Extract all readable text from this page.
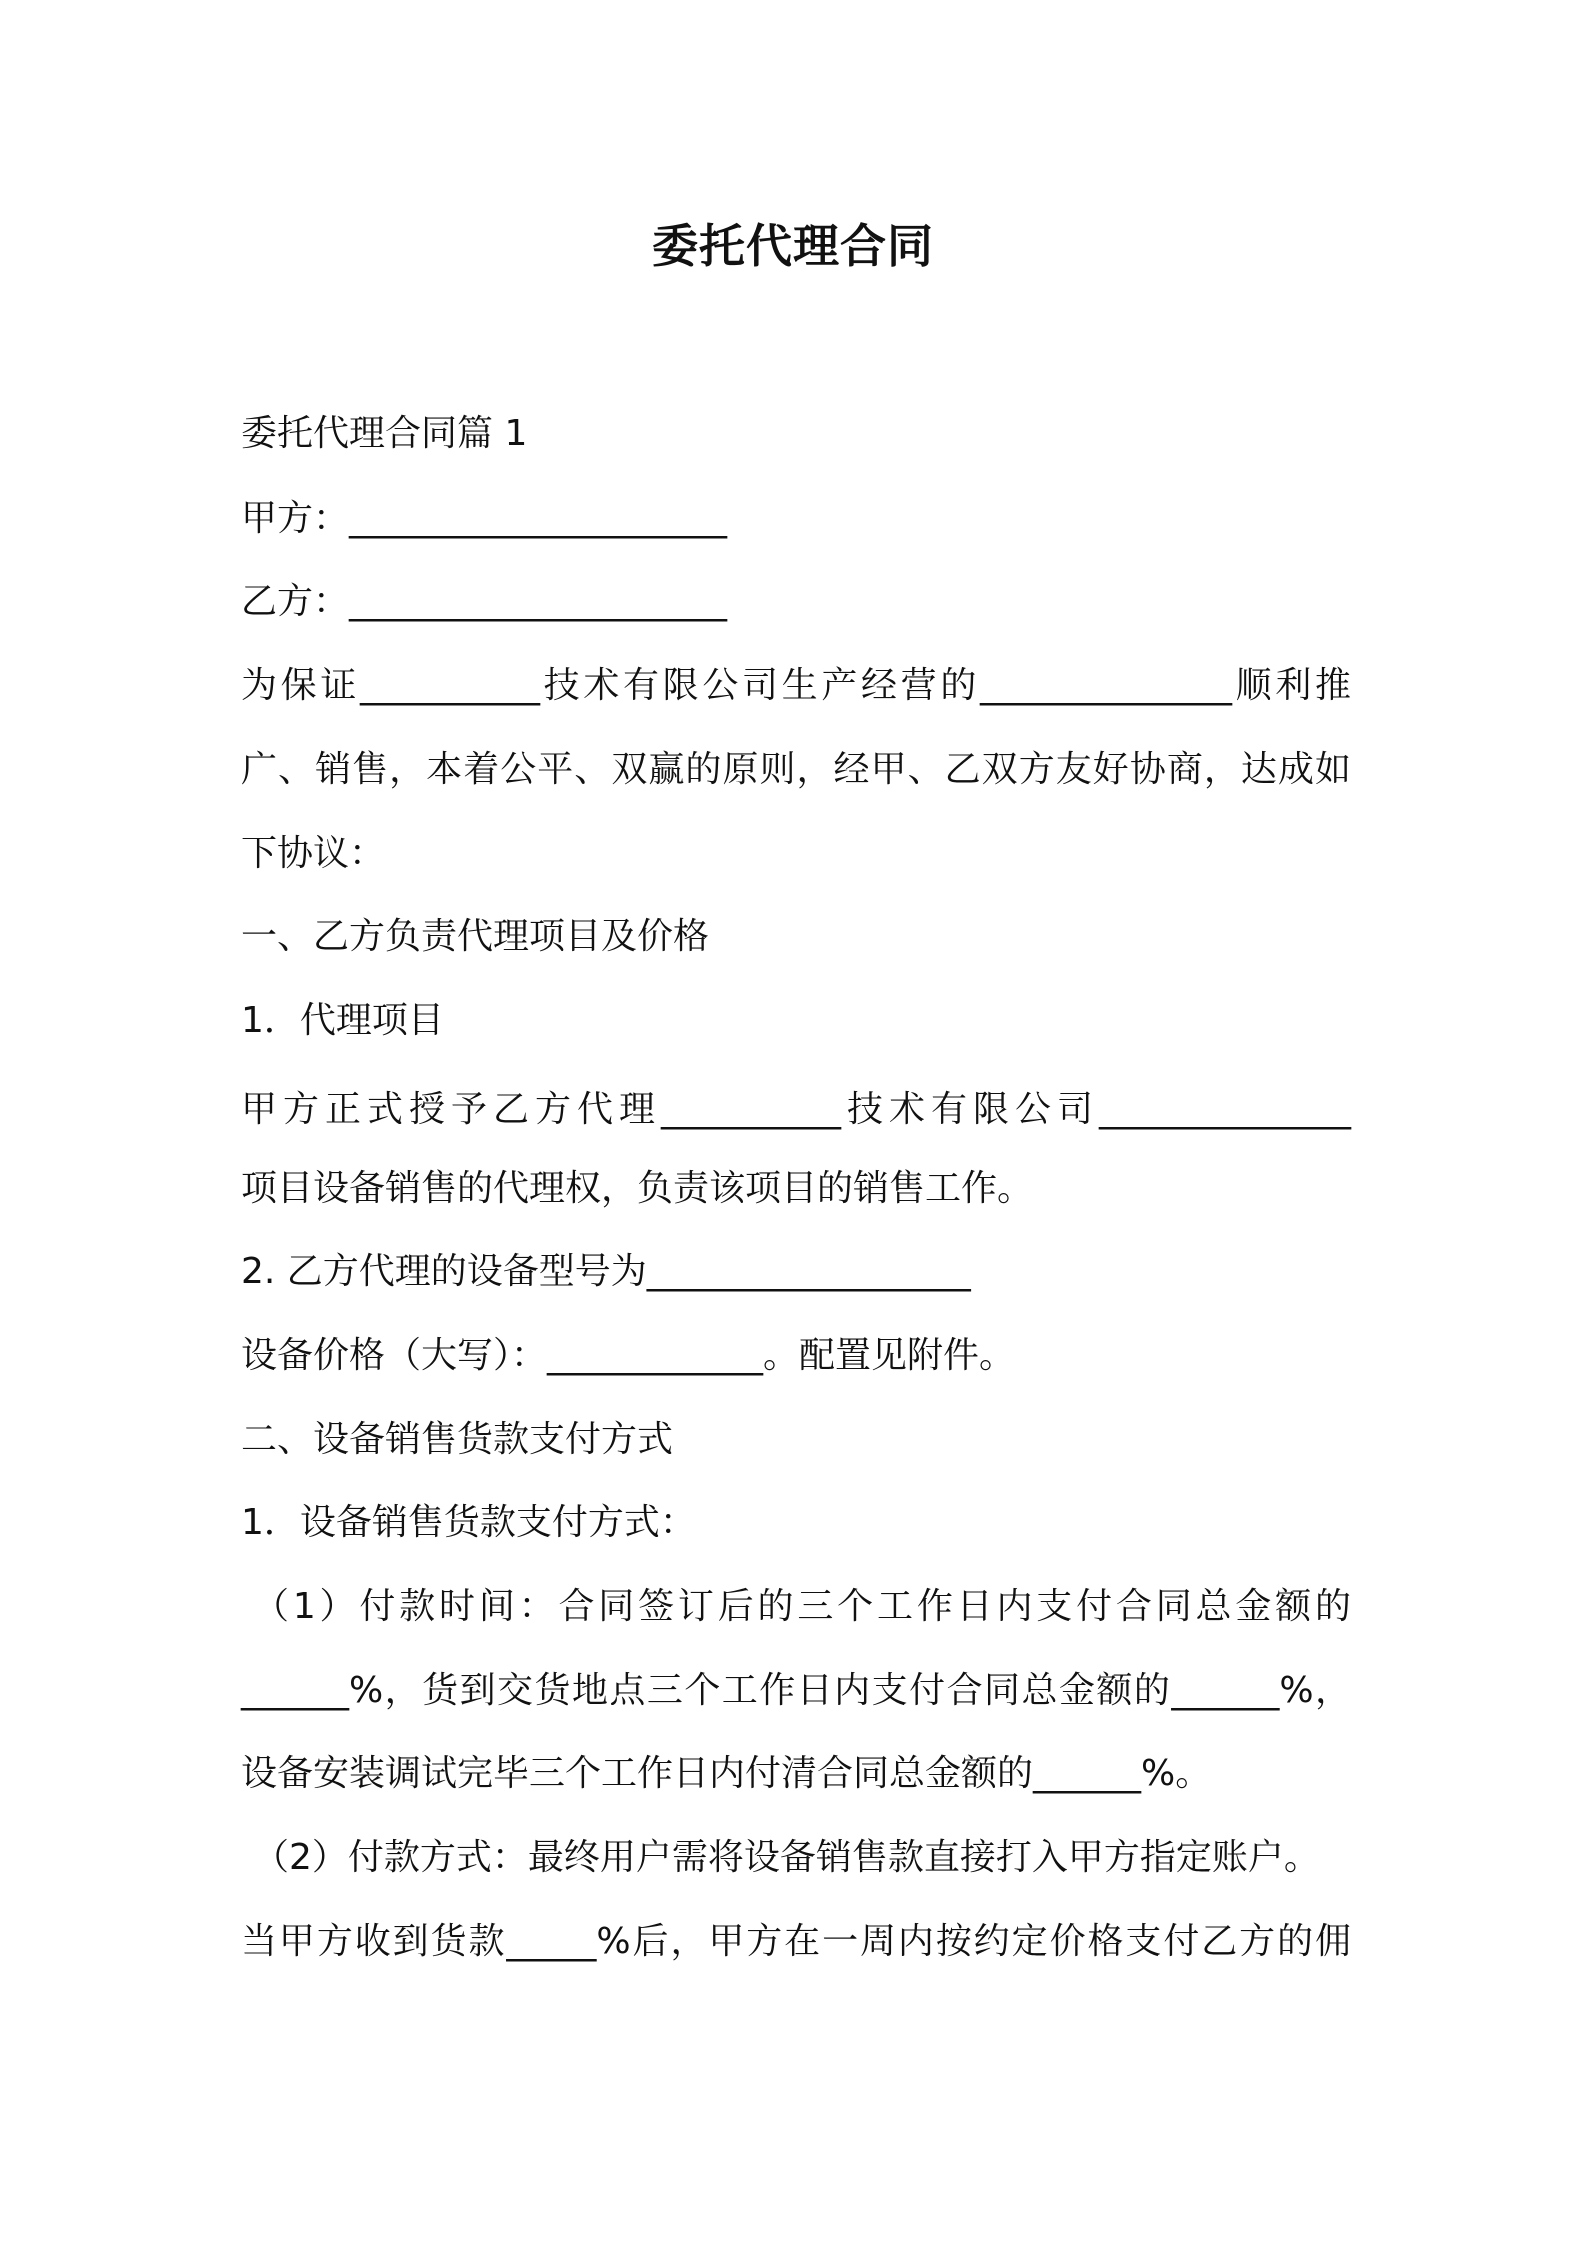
委托代理合同

委托代理合同篇 1

甲方：_____________________

乙方：_____________________

为保证__________技术有限公司生产经营的______________顺利推

广、销售，本着公平、双赢的原则，经甲、乙双方友好协商，达成如

下协议：

一、乙方负责代理项目及价格

1．代理项目

甲方正式授予乙方代理__________技术有限公司______________

项目设备销售的代理权，负责该项目的销售工作。

2. 乙方代理的设备型号为__________________

设备价格（大写）：____________。配置见附件。

二、设备销售货款支付方式

1．设备销售货款支付方式：

（1）付款时间：合同签订后的三个工作日内支付合同总金额的

______%，货到交货地点三个工作日内支付合同总金额的______%，

设备安装调试完毕三个工作日内付清合同总金额的______%。

（2）付款方式：最终用户需将设备销售款直接打入甲方指定账户。

当甲方收到货款_____%后，甲方在一周内按约定价格支付乙方的佣
